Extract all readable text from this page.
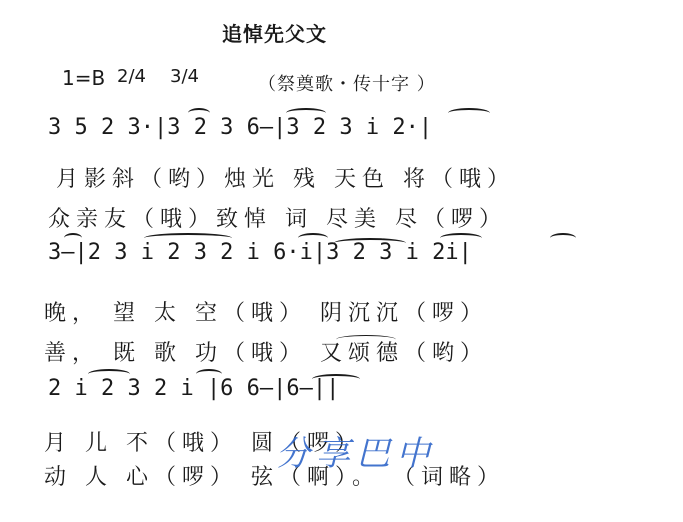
追悼先父文
1=B 2/4 3/4	（祭奠歌・传十字 ）
3 5 2 3·|3 2 3 6—|3 2 3 i 2·|
月影斜（哟）烛光 残 天色 将（哦）
众亲友（哦）致悼 词 尽美 尽（啰）
3—|2 3 i 2 3 2 i 6·i|3 2 3 i 2i|
晚， 望 太 空（哦） 阴沉沉（啰）
善， 既 歌 功（哦） 又颂德（哟）
2 i 2 3 2 i |6 6—|6—||
月 儿 不（哦） 圆（啰）
动 人 心（啰） 弦（啊）。 （词略）
分享巴中
